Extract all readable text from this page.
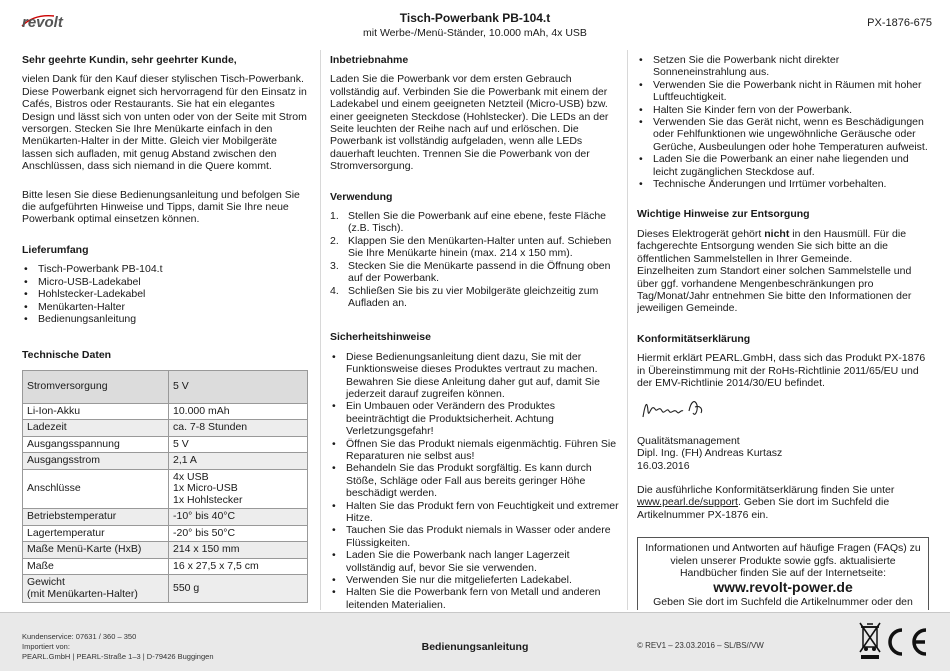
revolt	Tisch-Powerbank PB-104.t
mit Werbe-/Menü-Ständer, 10.000 mAh, 4x USB
PX-1876-675
Sehr geehrte Kundin, sehr geehrter Kunde,

vielen Dank für den Kauf dieser stylischen Tisch-Powerbank. Diese Powerbank eignet sich hervorragend für den Einsatz in Cafés, Bistros oder Restaurants. Sie hat ein elegantes Design und lässt sich von unten oder von der Seite mit Strom versorgen. Stecken Sie Ihre Menükarte einfach in den Menükarten-Halter in der Mitte. Gleich vier Mobilgeräte lassen sich aufladen, mit genug Abstand zwischen den Anschlüssen, dass sich niemand in die Quere kommt.

Bitte lesen Sie diese Bedienungsanleitung und befolgen Sie die aufgeführten Hinweise und Tipps, damit Sie Ihre neue Powerbank optimal einsetzen können.

Lieferumfang
• Tisch-Powerbank PB-104.t
• Micro-USB-Ladekabel
• Hohlstecker-Ladekabel
• Menükarten-Halter
• Bedienungsanleitung
Technische Daten
Stromversorgung	5 V
Li-Ion-Akku	10.000 mAh
Ladezeit	ca. 7-8 Stunden
Ausgangsspannung	5 V
Ausgangsstrom	2,1 A
Anschlüsse	4x USB
1x Micro-USB
1x Hohlstecker

Betriebstemperatur	-10° bis 40°C
Lagertemperatur	-20° bis 50°C
Maße Menü-Karte (HxB)	214 x 150 mm
Maße	16 x 27,5 x 7,5 cm

Gewicht
(mit Menükarten-Halter)	550 g
Inbetriebnahme

Laden Sie die Powerbank vor dem ersten Gebrauch vollständig auf. Verbinden Sie die Powerbank mit einem der Ladekabel und einem geeigneten Netzteil (Micro-USB) bzw. einer geeigneten Steckdose (Hohlstecker). Die LEDs an der Seite leuchten der Reihe nach auf und erlöschen. Die Powerbank ist vollständig aufgeladen, wenn alle LEDs dauerhaft leuchten. Trennen Sie die Powerbank von der Stromversorgung.

Verwendung
1. Stellen Sie die Powerbank auf eine ebene, feste Fläche (z.B. Tisch).
2. Klappen Sie den Menükarten-Halter unten auf. Schieben Sie Ihre Menükarte hinein (max. 214 x 150 mm).
3. Stecken Sie die Menükarte passend in die Öffnung oben auf der Powerbank.
4. Schließen Sie bis zu vier Mobilgeräte gleichzeitig zum Aufladen an.
Sicherheitshinweise
• Diese Bedienungsanleitung dient dazu, Sie mit der Funktionsweise dieses Produktes vertraut zu machen. Bewahren Sie diese Anleitung daher gut auf, damit Sie jederzeit darauf zugreifen können.
• Ein Umbauen oder Verändern des Produktes beeinträchtigt die Produktsicherheit. Achtung Verletzungsgefahr!
• Öffnen Sie das Produkt niemals eigenmächtig. Führen Sie Reparaturen nie selbst aus!
• Behandeln Sie das Produkt sorgfältig. Es kann durch Stöße, Schläge oder Fall aus bereits geringer Höhe beschädigt werden.
• Halten Sie das Produkt fern von Feuchtigkeit und extremer Hitze.
• Tauchen Sie das Produkt niemals in Wasser oder andere Flüssigkeiten.
• Laden Sie die Powerbank nach langer Lagerzeit vollständig auf, bevor Sie sie verwenden.
• Verwenden Sie nur die mitgelieferten Ladekabel.
• Halten Sie die Powerbank fern von Metall und anderen leitenden Materialien.
• Setzen Sie die Powerbank nicht direkter Sonneneinstrahlung aus.
• Verwenden Sie die Powerbank nicht in Räumen mit hoher Luftfeuchtigkeit.
• Halten Sie Kinder fern von der Powerbank.
• Verwenden Sie das Gerät nicht, wenn es Beschädigungen oder Fehlfunktionen wie ungewöhnliche Geräusche oder Gerüche, Ausbeulungen oder hohe Temperaturen aufweist.
• Laden Sie die Powerbank an einer nahe liegenden und leicht zugänglichen Steckdose auf.
• Technische Änderungen und Irrtümer vorbehalten.
Wichtige Hinweise zur Entsorgung

Dieses Elektrogerät gehört nicht in den Hausmüll. Für die fachgerechte Entsorgung wenden Sie sich bitte an die öffentlichen Sammelstellen in Ihrer Gemeinde.

Einzelheiten zum Standort einer solchen Sammelstelle und über ggf. vorhandene Mengenbeschränkungen pro Tag/Monat/Jahr entnehmen Sie bitte den Informationen der jeweiligen Gemeinde.

Konformitätserklärung

Hiermit erklärt PEARL.GmbH, dass sich das Produkt PX-1876 in Übereinstimmung mit der RoHs-Richtlinie 2011/65/EU und der EMV-Richtlinie 2014/30/EU befindet.

Qualitätsmanagement
Dipl. Ing. (FH) Andreas Kurtasz
16.03.2016

Die ausführliche Konformitätserklärung finden Sie unter www.pearl.de/support. Geben Sie dort im Suchfeld die Artikelnummer PX-1876 ein.

Informationen und Antworten auf häufige Fragen (FAQs) zu vielen unserer Produkte sowie ggfs. aktualisierte Handbücher finden Sie auf der Internetseite:
www.revolt-power.de
Geben Sie dort im Suchfeld die Artikelnummer oder den
Kundenservice: 07631 / 360 – 350
Importiert von:
PEARL.GmbH | PEARL-Straße 1–3 | D-79426 Buggingen
Bedienungsanleitung	© REV1 – 23.03.2016 – SL/BS//VW
